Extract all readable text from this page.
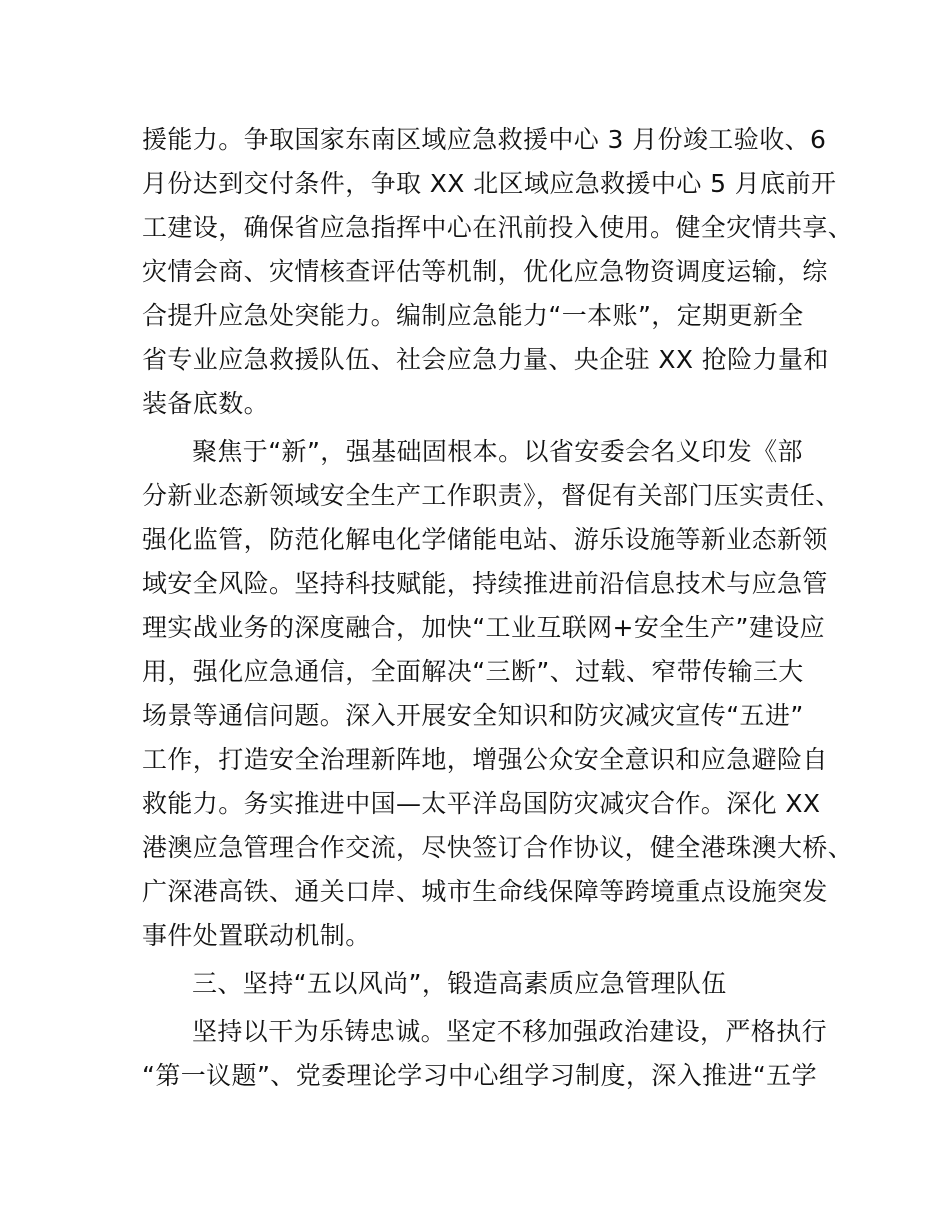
援能力。争取国家东南区域应急救援中心 3 月份竣工验收、6
月份达到交付条件，争取 XX 北区域应急救援中心 5 月底前开
工建设，确保省应急指挥中心在汛前投入使用。健全灾情共享、
灾情会商、灾情核查评估等机制，优化应急物资调度运输，综
合提升应急处突能力。编制应急能力“一本账”，定期更新全
省专业应急救援队伍、社会应急力量、央企驻 XX 抢险力量和
装备底数。
聚焦于“新”，强基础固根本。以省安委会名义印发《部
分新业态新领域安全生产工作职责》，督促有关部门压实责任、
强化监管，防范化解电化学储能电站、游乐设施等新业态新领
域安全风险。坚持科技赋能，持续推进前沿信息技术与应急管
理实战业务的深度融合，加快“工业互联网+安全生产”建设应
用，强化应急通信，全面解决“三断”、过载、窄带传输三大
场景等通信问题。深入开展安全知识和防灾减灾宣传“五进”
工作，打造安全治理新阵地，增强公众安全意识和应急避险自
救能力。务实推进中国—太平洋岛国防灾减灾合作。深化 XX
港澳应急管理合作交流，尽快签订合作协议，健全港珠澳大桥、
广深港高铁、通关口岸、城市生命线保障等跨境重点设施突发
事件处置联动机制。
三、坚持“五以风尚”，锻造高素质应急管理队伍
坚持以干为乐铸忠诚。坚定不移加强政治建设，严格执行
“第一议题”、党委理论学习中心组学习制度，深入推进“五学
